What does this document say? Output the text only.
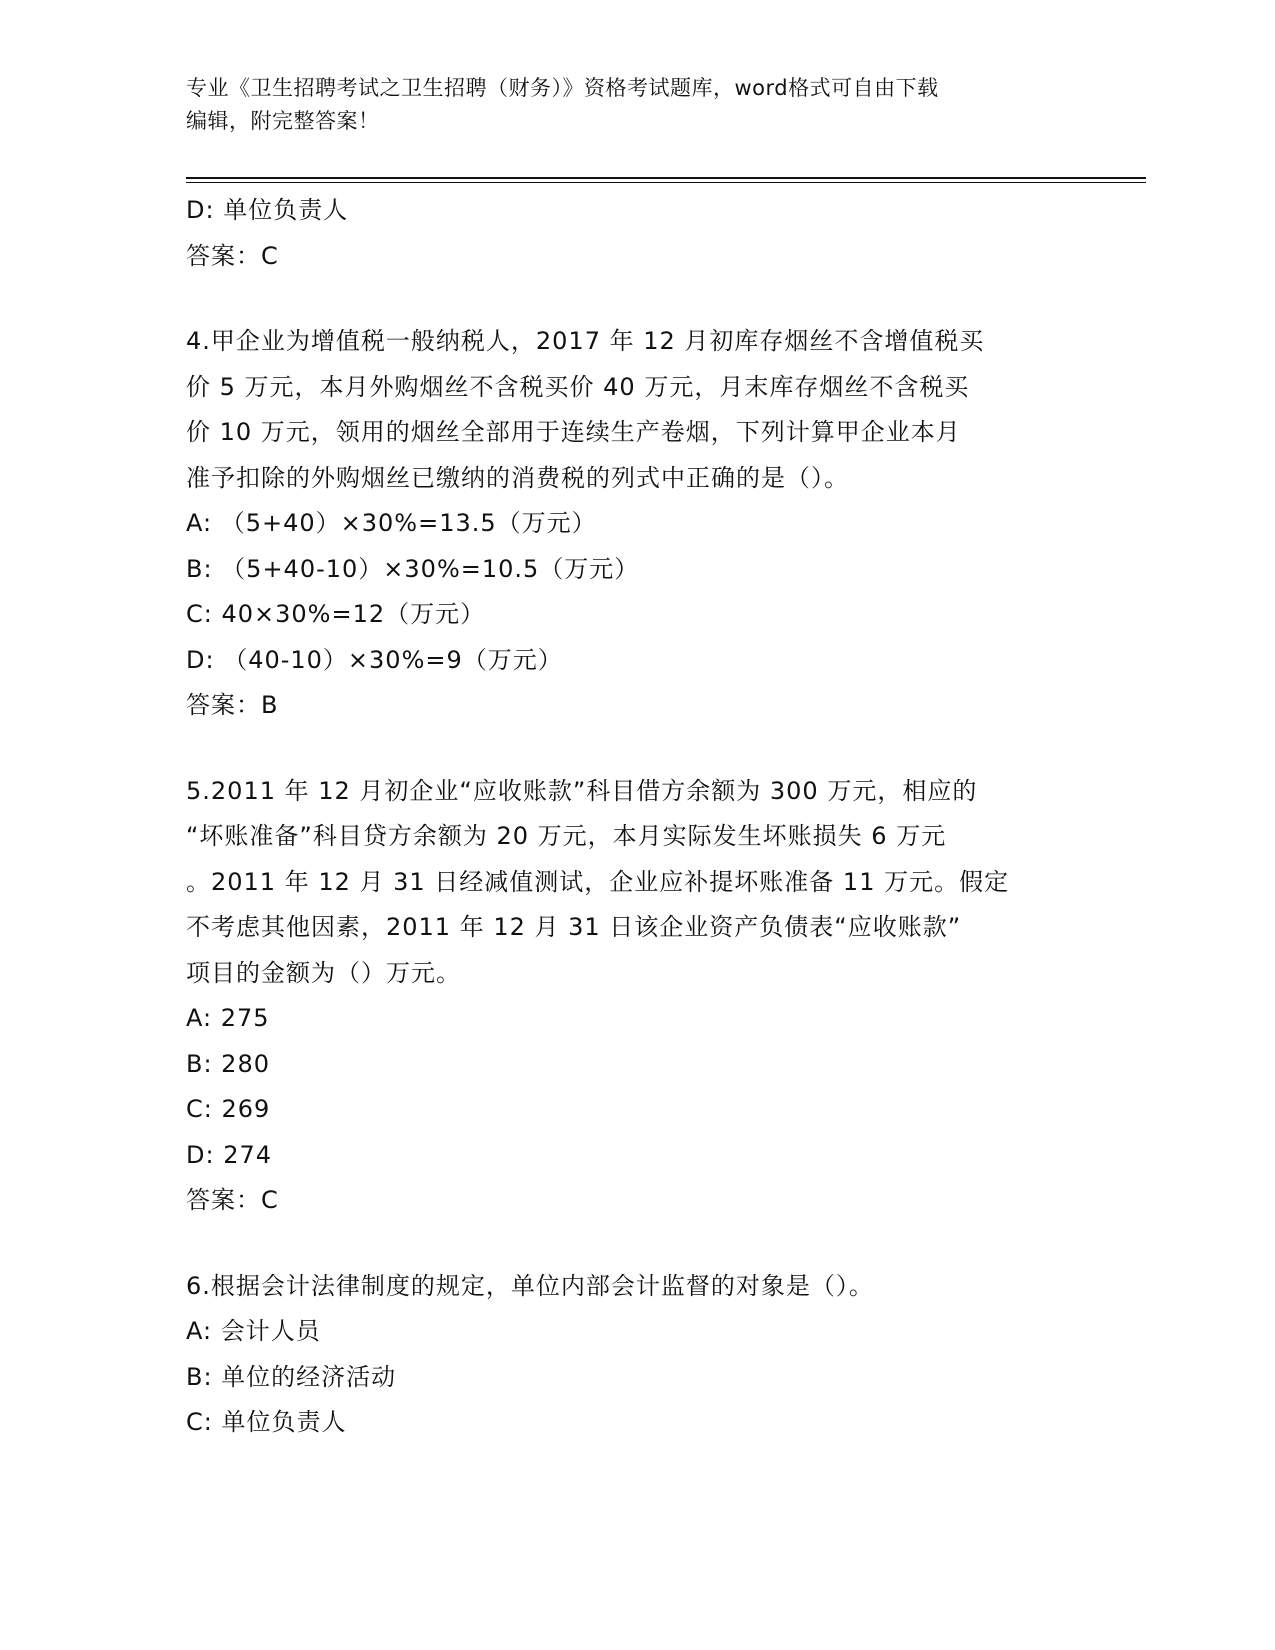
专业《卫生招聘考试之卫生招聘（财务）》资格考试题库，word格式可自由下载
编辑，附完整答案！
D: 单位负责人
答案：C
4.甲企业为增值税一般纳税人，2017 年 12 月初库存烟丝不含增值税买
价 5 万元，本月外购烟丝不含税买价 40 万元，月末库存烟丝不含税买
价 10 万元，领用的烟丝全部用于连续生产卷烟，下列计算甲企业本月
准予扣除的外购烟丝已缴纳的消费税的列式中正确的是（）。
A: （5+40）×30%=13.5（万元）
B: （5+40-10）×30%=10.5（万元）
C: 40×30%=12（万元）
D: （40-10）×30%=9（万元）
答案：B
5.2011 年 12 月初企业“应收账款”科目借方余额为 300 万元，相应的
“坏账准备”科目贷方余额为 20 万元，本月实际发生坏账损失 6 万元
。2011 年 12 月 31 日经减值测试，企业应补提坏账准备 11 万元。假定
不考虑其他因素，2011 年 12 月 31 日该企业资产负债表“应收账款”
项目的金额为（）万元。
A: 275
B: 280
C: 269
D: 274
答案：C
6.根据会计法律制度的规定，单位内部会计监督的对象是（）。
A: 会计人员
B: 单位的经济活动
C: 单位负责人
